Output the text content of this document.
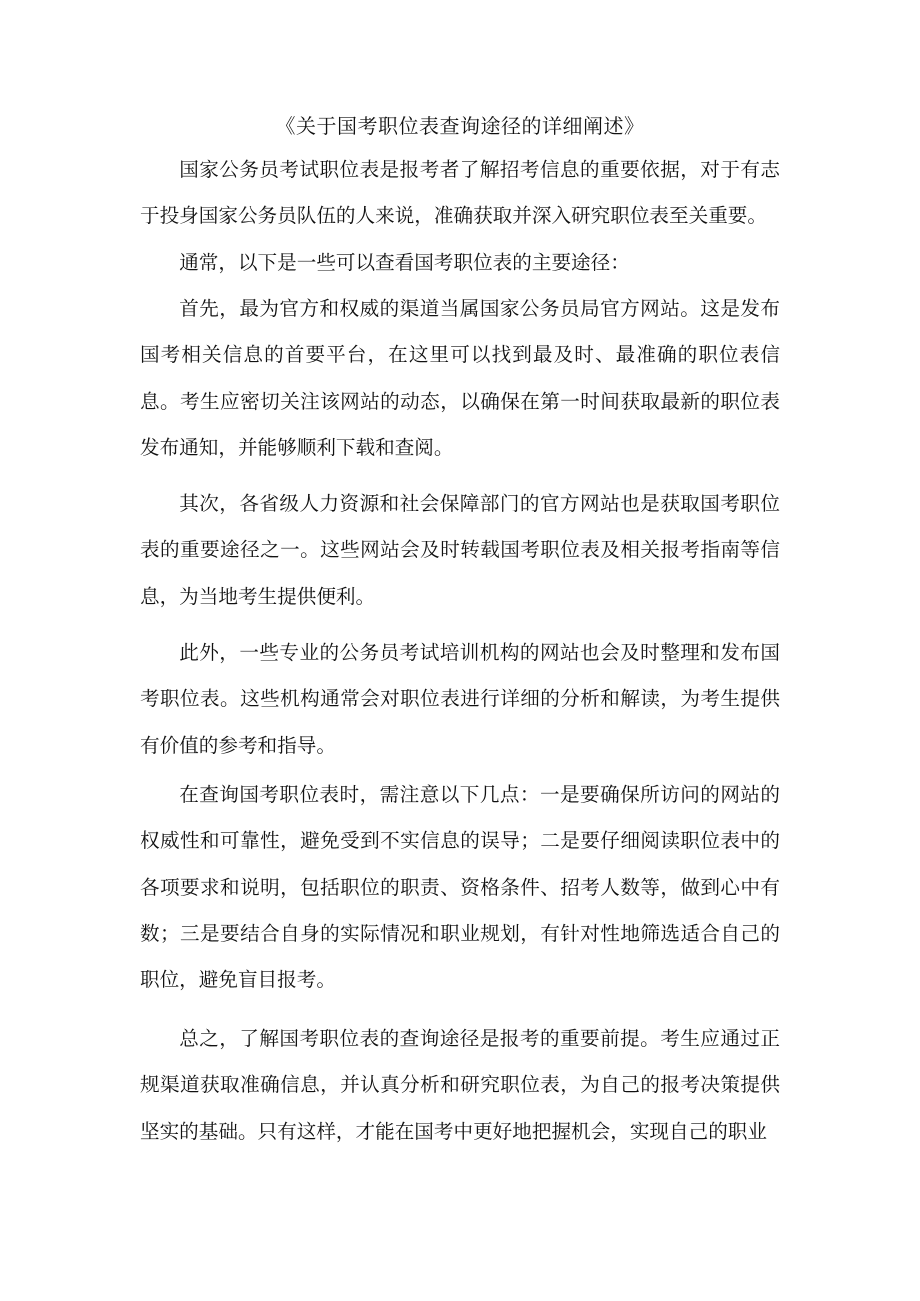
《关于国考职位表查询途径的详细阐述》

国家公务员考试职位表是报考者了解招考信息的重要依据，对于有志于投身国家公务员队伍的人来说，准确获取并深入研究职位表至关重要。

通常，以下是一些可以查看国考职位表的主要途径：

首先，最为官方和权威的渠道当属国家公务员局官方网站。这是发布国考相关信息的首要平台，在这里可以找到最及时、最准确的职位表信息。考生应密切关注该网站的动态，以确保在第一时间获取最新的职位表发布通知，并能够顺利下载和查阅。

其次，各省级人力资源和社会保障部门的官方网站也是获取国考职位表的重要途径之一。这些网站会及时转载国考职位表及相关报考指南等信息，为当地考生提供便利。

此外，一些专业的公务员考试培训机构的网站也会及时整理和发布国考职位表。这些机构通常会对职位表进行详细的分析和解读，为考生提供有价值的参考和指导。

在查询国考职位表时，需注意以下几点：一是要确保所访问的网站的权威性和可靠性，避免受到不实信息的误导；二是要仔细阅读职位表中的各项要求和说明，包括职位的职责、资格条件、招考人数等，做到心中有数；三是要结合自身的实际情况和职业规划，有针对性地筛选适合自己的职位，避免盲目报考。

总之，了解国考职位表的查询途径是报考的重要前提。考生应通过正规渠道获取准确信息，并认真分析和研究职位表，为自己的报考决策提供坚实的基础。只有这样，才能在国考中更好地把握机会，实现自己的职业
